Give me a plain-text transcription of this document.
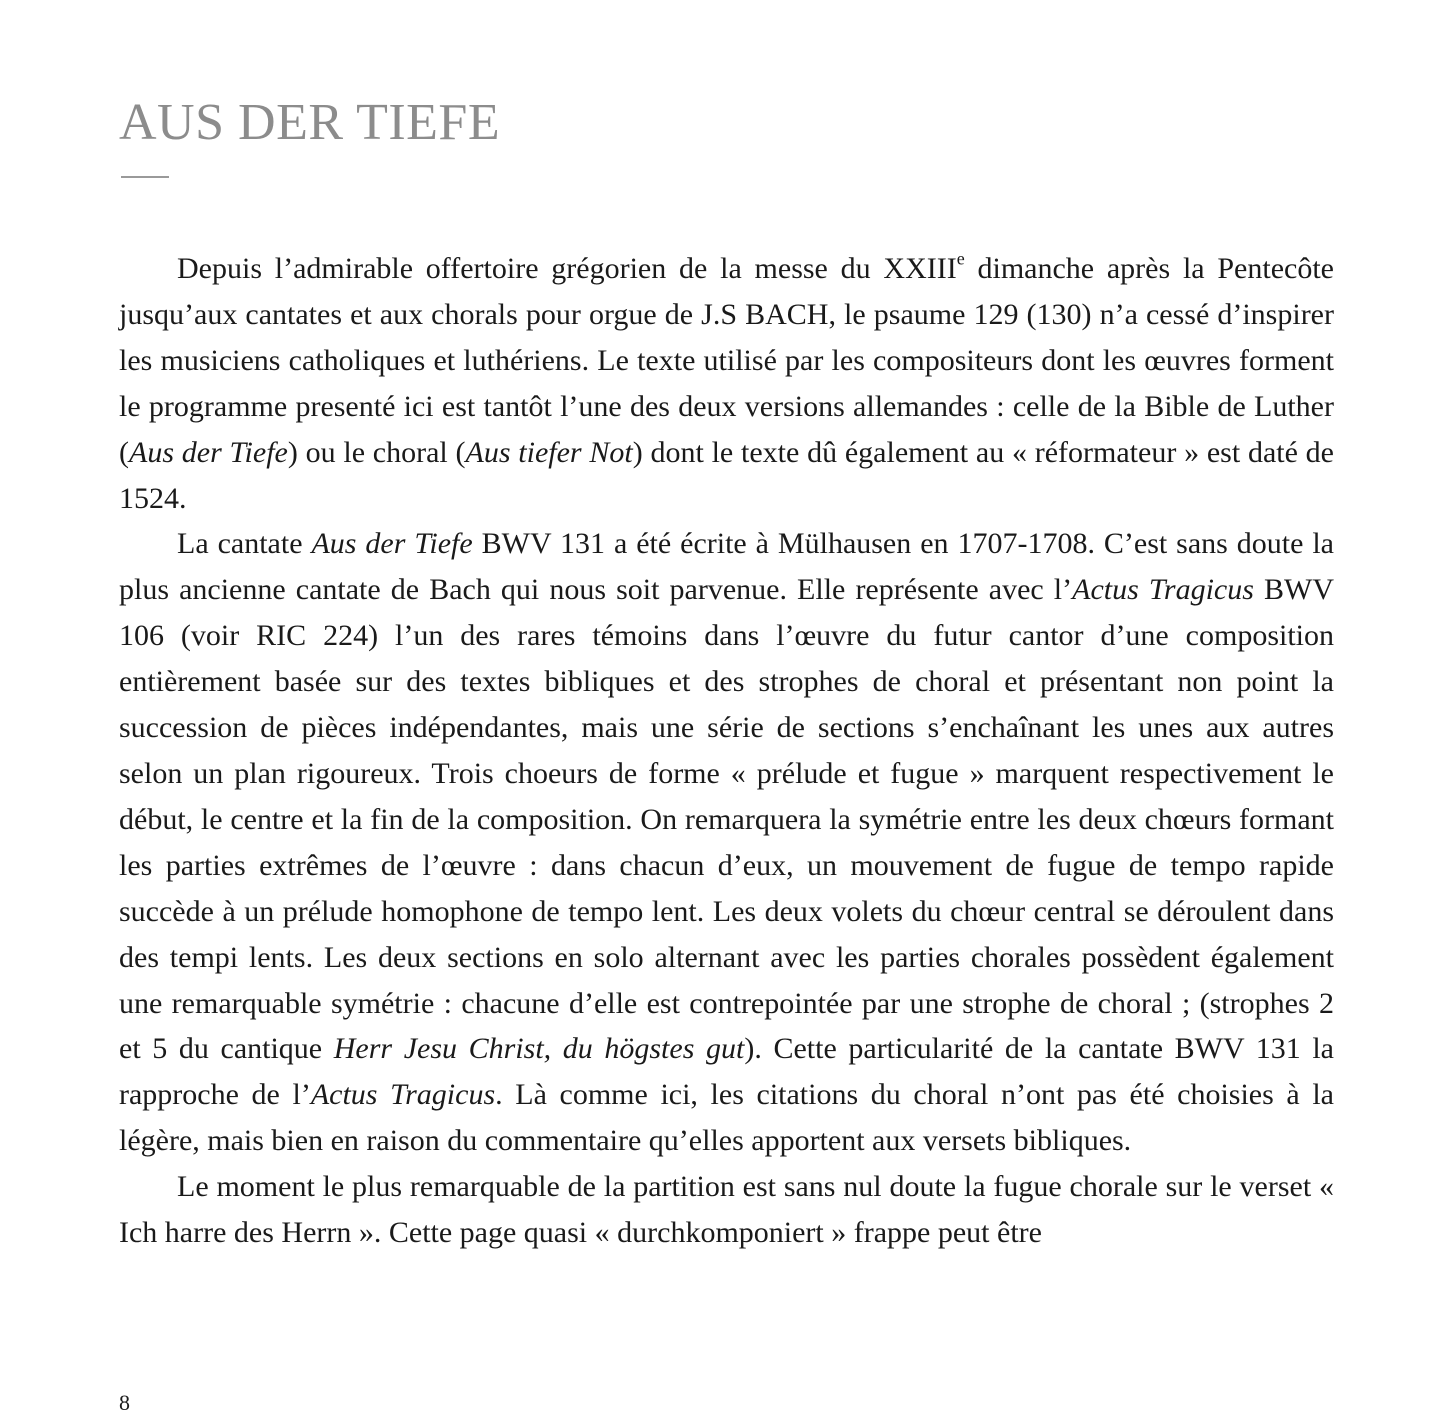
AUS DER TIEFE

Depuis l’admirable offertoire grégorien de la messe du XXIIIe dimanche après la Pentecôte jusqu’aux cantates et aux chorals pour orgue de J.S BACH, le psaume 129 (130) n’a cessé d’inspirer les musiciens catholiques et luthériens. Le texte utilisé par les compositeurs dont les œuvres forment le programme presenté ici est tantôt l’une des deux versions allemandes : celle de la Bible de Luther (Aus der Tiefe) ou le choral (Aus tiefer Not) dont le texte dû également au « réformateur » est daté de 1524.

La cantate Aus der Tiefe BWV 131 a été écrite à Mülhausen en 1707-1708. C’est sans doute la plus ancienne cantate de Bach qui nous soit parvenue. Elle représente avec l’Actus Tragicus BWV 106 (voir RIC 224) l’un des rares témoins dans l’œuvre du futur cantor d’une composition entièrement basée sur des textes bibliques et des strophes de choral et présentant non point la succession de pièces indépendantes, mais une série de sections s’enchaînant les unes aux autres selon un plan rigoureux. Trois choeurs de forme « prélude et fugue » marquent respectivement le début, le centre et la fin de la composition. On remarquera la symétrie entre les deux chœurs formant les parties extrêmes de l’œuvre : dans chacun d’eux, un mouvement de fugue de tempo rapide succède à un prélude homophone de tempo lent. Les deux volets du chœur central se déroulent dans des tempi lents. Les deux sections en solo alternant avec les parties chorales possèdent également une remarquable symétrie : chacune d’elle est contrepointée par une strophe de choral ; (strophes 2 et 5 du cantique Herr Jesu Christ, du högstes gut). Cette particularité de la cantate BWV 131 la rapproche de l’Actus Tragicus. Là comme ici, les citations du choral n’ont pas été choisies à la légère, mais bien en raison du commentaire qu’elles apportent aux versets bibliques.

Le moment le plus remarquable de la partition est sans nul doute la fugue chorale sur le verset « Ich harre des Herrn ». Cette page quasi « durchkomponiert » frappe peut être

8
